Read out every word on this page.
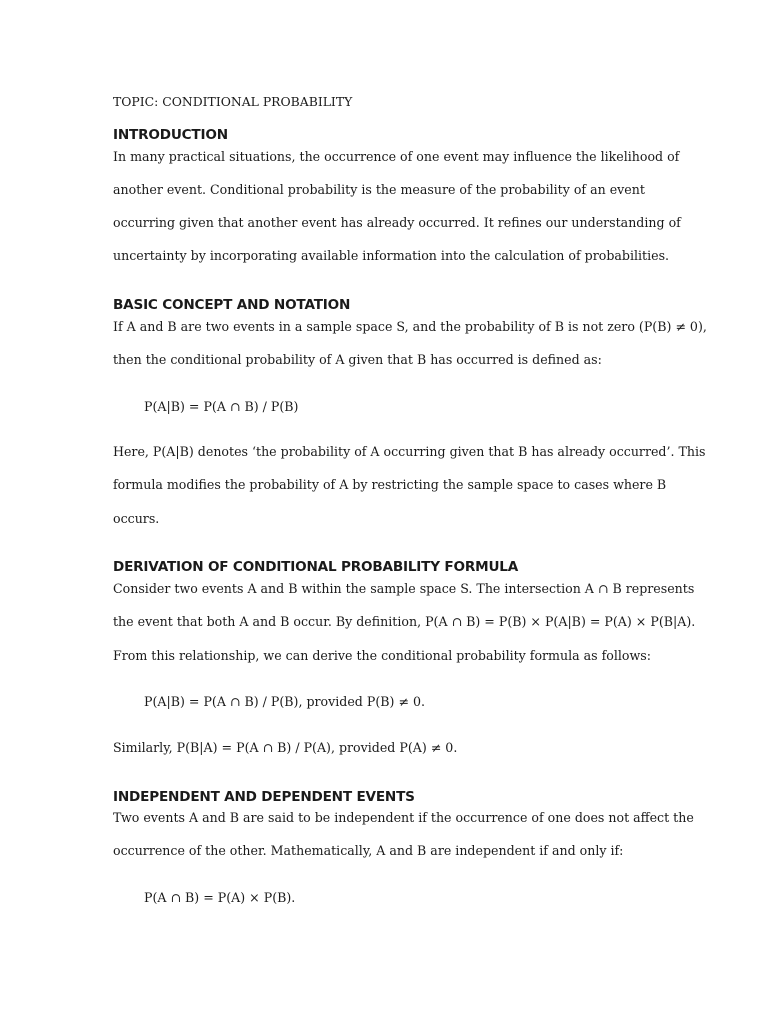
TOPIC: CONDITIONAL PROBABILITY

INTRODUCTION

In many practical situations, the occurrence of one event may influence the likelihood of

another event. Conditional probability is the measure of the probability of an event

occurring given that another event has already occurred. It refines our understanding of

uncertainty by incorporating available information into the calculation of probabilities.

BASIC CONCEPT AND NOTATION

If A and B are two events in a sample space S, and the probability of B is not zero (P(B) ≠ 0),

then the conditional probability of A given that B has occurred is defined as:

P(A|B) = P(A ∩ B) / P(B)

Here, P(A|B) denotes ‘the probability of A occurring given that B has already occurred’. This

formula modifies the probability of A by restricting the sample space to cases where B

occurs.

DERIVATION OF CONDITIONAL PROBABILITY FORMULA

Consider two events A and B within the sample space S. The intersection A ∩ B represents

the event that both A and B occur. By definition, P(A ∩ B) = P(B) × P(A|B) = P(A) × P(B|A).

From this relationship, we can derive the conditional probability formula as follows:

P(A|B) = P(A ∩ B) / P(B), provided P(B) ≠ 0.

Similarly, P(B|A) = P(A ∩ B) / P(A), provided P(A) ≠ 0.

INDEPENDENT AND DEPENDENT EVENTS

Two events A and B are said to be independent if the occurrence of one does not affect the

occurrence of the other. Mathematically, A and B are independent if and only if:

P(A ∩ B) = P(A) × P(B).
